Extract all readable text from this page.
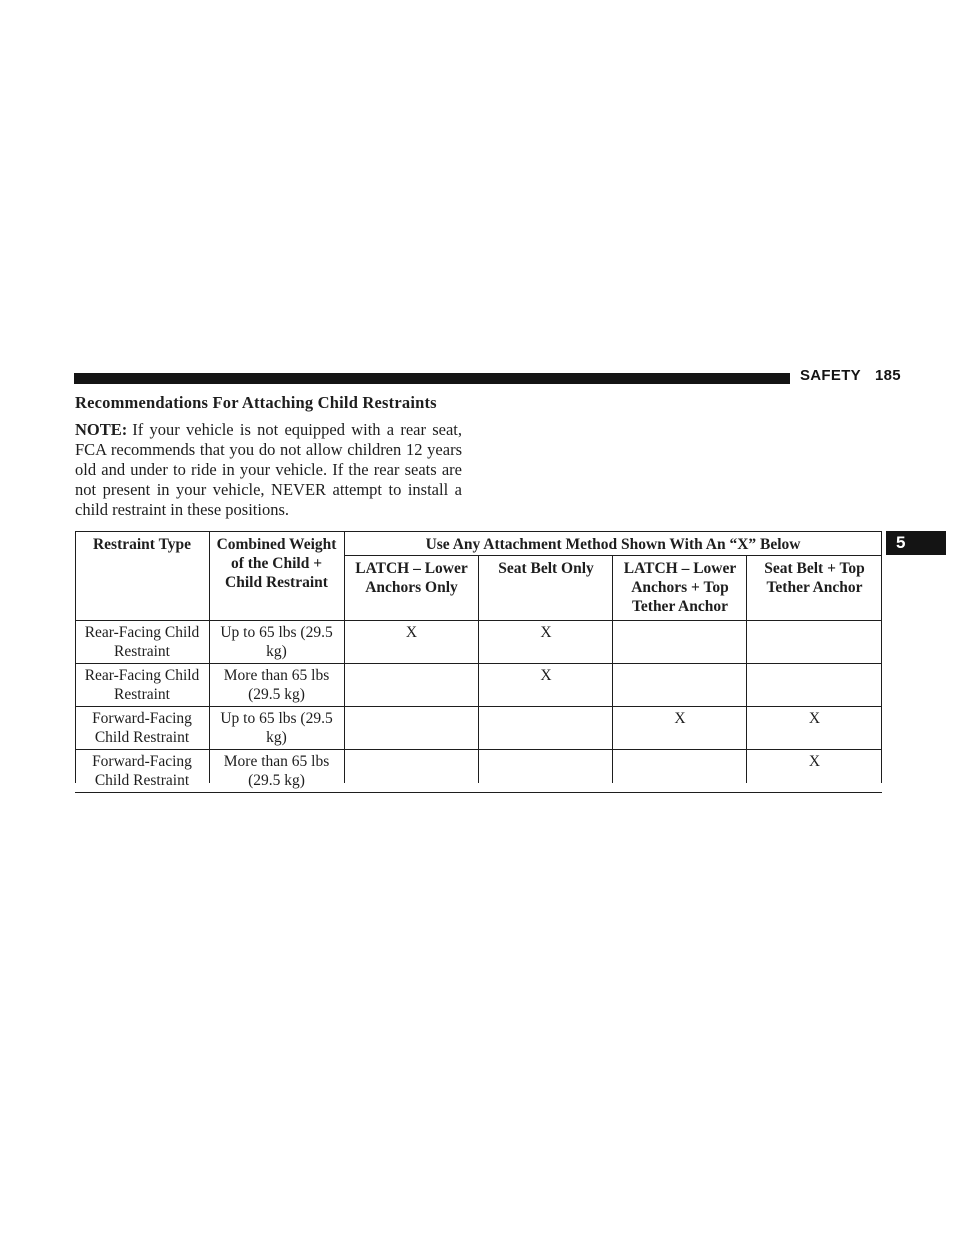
SAFETY 185
5
Recommendations For Attaching Child Restraints

NOTE: If your vehicle is not equipped with a rear seat, FCA recommends that you do not allow children 12 years old and under to ride in your vehicle. If the rear seats are not present in your vehicle, NEVER attempt to install a child restraint in these positions.

Restraint Type	Combined Weight of the Child + Child Restraint	Use Any Attachment Method Shown With An “X” Below			
		LATCH – Lower Anchors Only	Seat Belt Only	LATCH – Lower Anchors + Top Tether Anchor	Seat Belt + Top Tether Anchor
Rear-Facing Child Restraint	Up to 65 lbs (29.5 kg)	X	X		
Rear-Facing Child Restraint	More than 65 lbs (29.5 kg)		X		
Forward-Facing Child Restraint	Up to 65 lbs (29.5 kg)			X	X
Forward-Facing Child Restraint	More than 65 lbs (29.5 kg)				X
